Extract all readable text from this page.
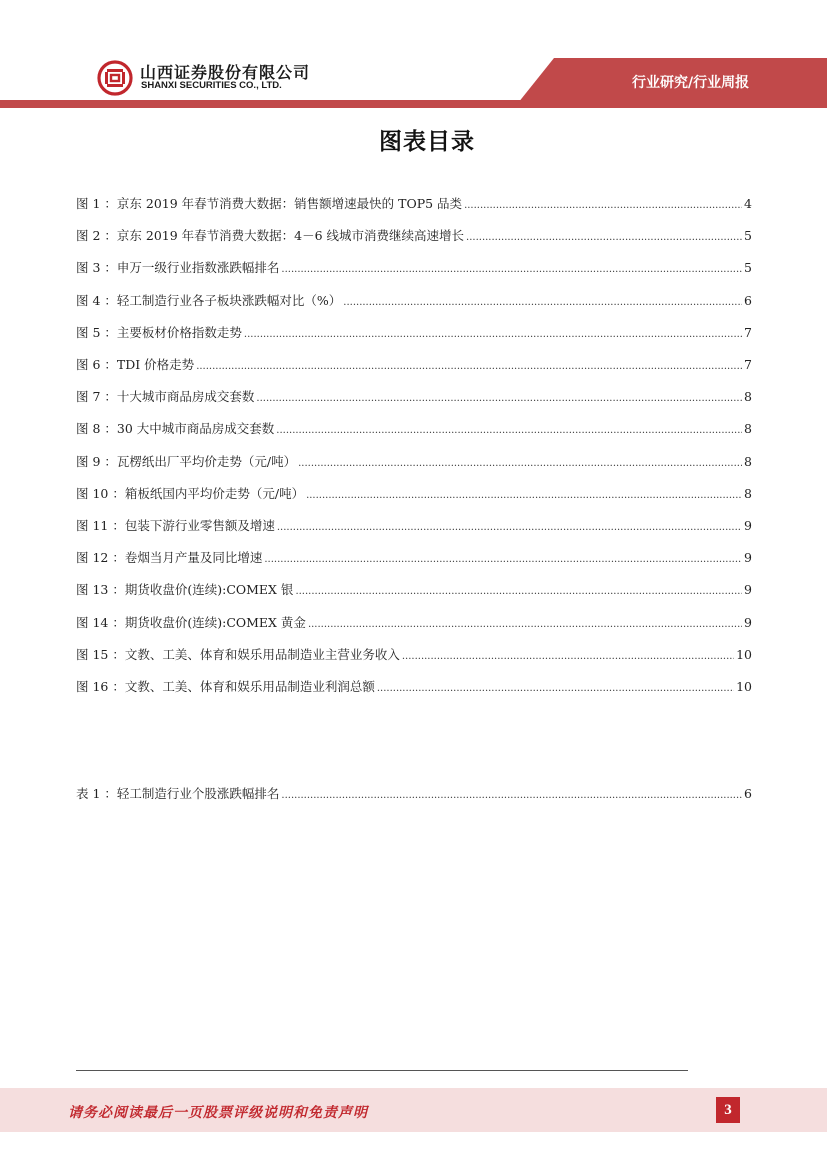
山西证券股份有限公司
SHANXI SECURITIES CO., LTD.	行业研究/行业周报
图表目录
图 1 ： 京东 2019 年春节消费大数据：销售额增速最快的 TOP5 品类 .....	4
图 2 ： 京东 2019 年春节消费大数据：4－6 线城市消费继续高速增长 .....	5
图 3 ： 申万一级行业指数涨跌幅排名 .....	5
图 4 ： 轻工制造行业各子板块涨跌幅对比（%） .....	6
图 5 ： 主要板材价格指数走势 .....	7
图 6 ： TDI 价格走势 .....	7
图 7 ： 十大城市商品房成交套数 .....	8
图 8 ： 30 大中城市商品房成交套数 .....	8
图 9 ： 瓦楞纸出厂平均价走势（元/吨） .....	8
图 10 ： 箱板纸国内平均价走势（元/吨） .....	8
图 11 ： 包装下游行业零售额及增速 .....	9
图 12 ： 卷烟当月产量及同比增速 .....	9
图 13 ： 期货收盘价(连续):COMEX 银 .....	9
图 14 ： 期货收盘价(连续):COMEX 黄金 .....	9
图 15 ： 文教、工美、体育和娱乐用品制造业主营业务收入 .....	10
图 16 ： 文教、工美、体育和娱乐用品制造业利润总额 .....	10
表 1 ： 轻工制造行业个股涨跌幅排名 .....	6
请务必阅读最后一页股票评级说明和免责声明	3
